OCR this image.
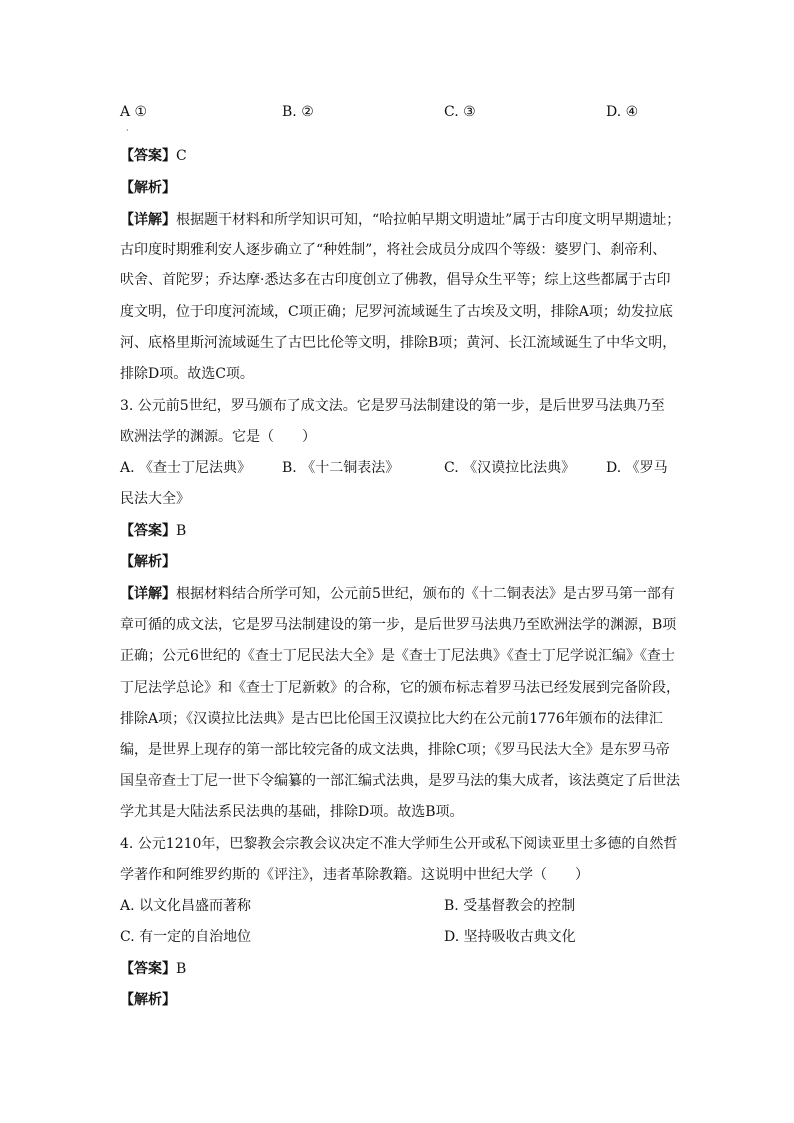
A ①	B. ②	C. ③	D. ④
·
【答案】C
【解析】
【详解】根据题干材料和所学知识可知，“哈拉帕早期文明遗址”属于古印度文明早期遗址；
古印度时期雅利安人逐步确立了“种姓制”，将社会成员分成四个等级：婆罗门、刹帝利、
吠舍、首陀罗；乔达摩·悉达多在古印度创立了佛教，倡导众生平等；综上这些都属于古印
度文明，位于印度河流域，C项正确；尼罗河流域诞生了古埃及文明，排除A项；幼发拉底
河、底格里斯河流域诞生了古巴比伦等文明，排除B项；黄河、长江流域诞生了中华文明，
排除D项。故选C项。
3. 公元前5世纪，罗马颁布了成文法。它是罗马法制建设的第一步，是后世罗马法典乃至
欧洲法学的渊源。它是（　　）
A. 《查士丁尼法典》 B. 《十二铜表法》	C. 《汉谟拉比法典》 D. 《罗马
民法大全》
【答案】B
【解析】
【详解】根据材料结合所学可知，公元前5世纪，颁布的《十二铜表法》是古罗马第一部有
章可循的成文法，它是罗马法制建设的第一步，是后世罗马法典乃至欧洲法学的渊源，B项
正确；公元6世纪的《查士丁尼民法大全》是《查士丁尼法典》《查士丁尼学说汇编》《查士
丁尼法学总论》和《查士丁尼新敕》的合称，它的颁布标志着罗马法已经发展到完备阶段，
排除A项；《汉谟拉比法典》是古巴比伦国王汉谟拉比大约在公元前1776年颁布的法律汇
编，是世界上现存的第一部比较完备的成文法典，排除C项；《罗马民法大全》是东罗马帝
国皇帝查士丁尼一世下令编纂的一部汇编式法典，是罗马法的集大成者，该法奠定了后世法
学尤其是大陆法系民法典的基础，排除D项。故选B项。
4. 公元1210年，巴黎教会宗教会议决定不准大学师生公开或私下阅读亚里士多德的自然哲
学著作和阿维罗约斯的《评注》，违者革除教籍。这说明中世纪大学（　　）
A. 以文化昌盛而著称	B. 受基督教会的控制
C. 有一定的自治地位	D. 坚持吸收古典文化
【答案】B
【解析】
